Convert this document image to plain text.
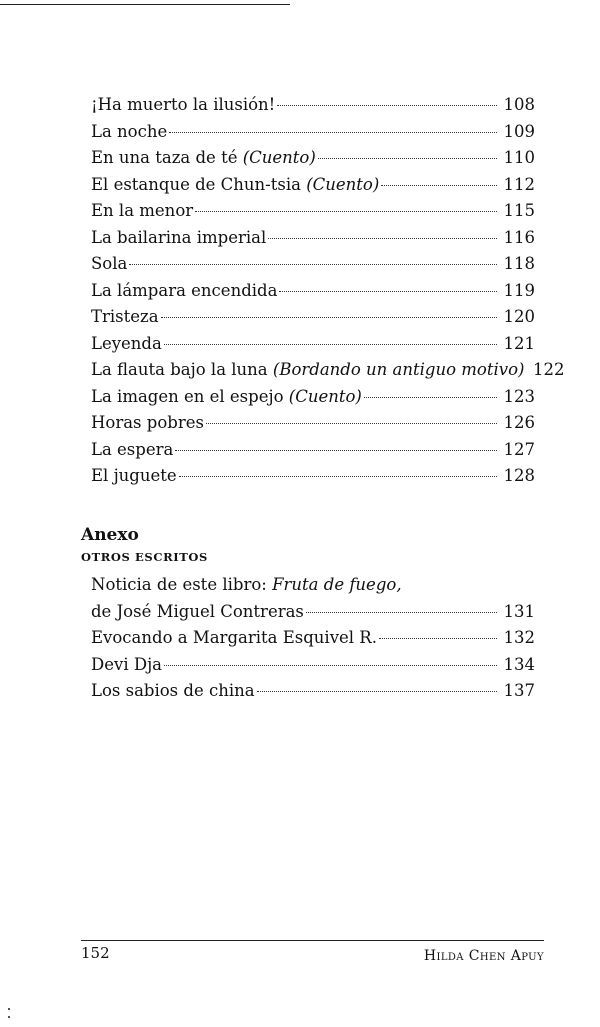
¡Ha muerto la ilusión!	108
La noche	109
En una taza de té (Cuento)	110
El estanque de Chun-tsia (Cuento)	112
En la menor	115
La bailarina imperial	116
Sola	118
La lámpara encendida	119
Tristeza	120
Leyenda	121
La flauta bajo la luna (Bordando un antiguo motivo) 122
La imagen en el espejo (Cuento)	123
Horas pobres	126
La espera	127
El juguete	128
Anexo
OTROS ESCRITOS
Noticia de este libro: Fruta de fuego,
de José Miguel Contreras	131
Evocando a Margarita Esquivel R.	132
Devi Dja	134
Los sabios de china	137
152	Hilda Chen Apuy
